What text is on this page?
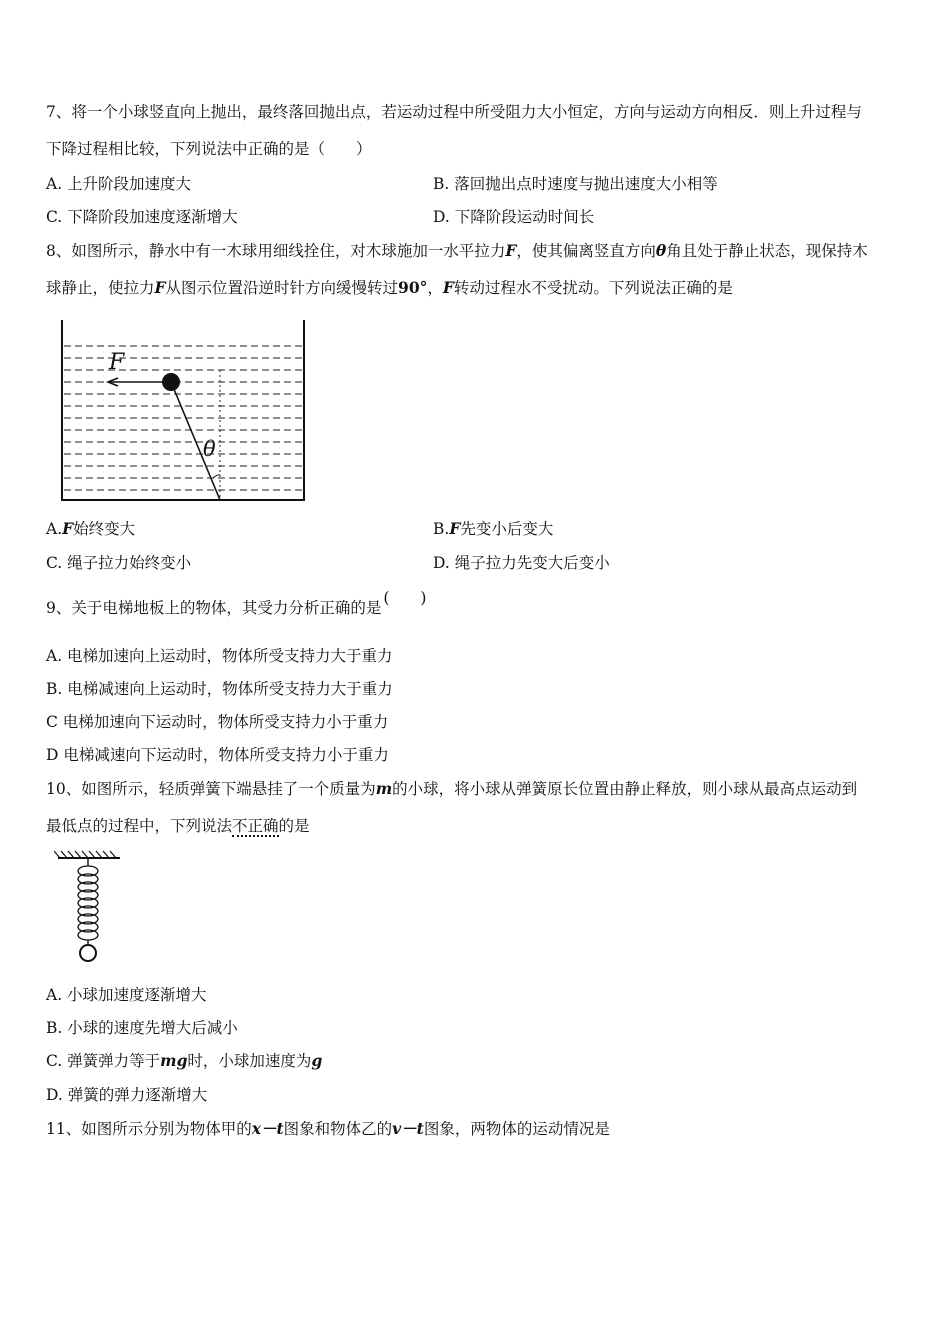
7、将一个小球竖直向上抛出，最终落回抛出点，若运动过程中所受阻力大小恒定，方向与运动方向相反．则上升过程与
下降过程相比较，下列说法中正确的是（　　）
A. 上升阶段加速度大	B. 落回抛出点时速度与抛出速度大小相等
C. 下降阶段加速度逐渐增大	D. 下降阶段运动时间长
8、如图所示，静水中有一木球用细线拴住，对木球施加一水平拉力F，使其偏离竖直方向θ角且处于静止状态，现保持木
球静止，使拉力F从图示位置沿逆时针方向缓慢转过90°，F转动过程水不受扰动。下列说法正确的是
F
θ
A.F始终变大	B.F先变小后变大
C. 绳子拉力始终变小	D. 绳子拉力先变大后变小
9、关于电梯地板上的物体，其受力分析正确的是(　　)
A. 电梯加速向上运动时，物体所受支持力大于重力
B. 电梯减速向上运动时，物体所受支持力大于重力
C 电梯加速向下运动时，物体所受支持力小于重力
D 电梯减速向下运动时，物体所受支持力小于重力
10、如图所示，轻质弹簧下端悬挂了一个质量为m的小球，将小球从弹簧原长位置由静止释放，则小球从最高点运动到
最低点的过程中，下列说法不正确的是
A. 小球加速度逐渐增大
B. 小球的速度先增大后减小
C. 弹簧弹力等于mg时，小球加速度为g
D. 弹簧的弹力逐渐增大
11、如图所示分别为物体甲的x－t图象和物体乙的v－t图象，两物体的运动情况是
